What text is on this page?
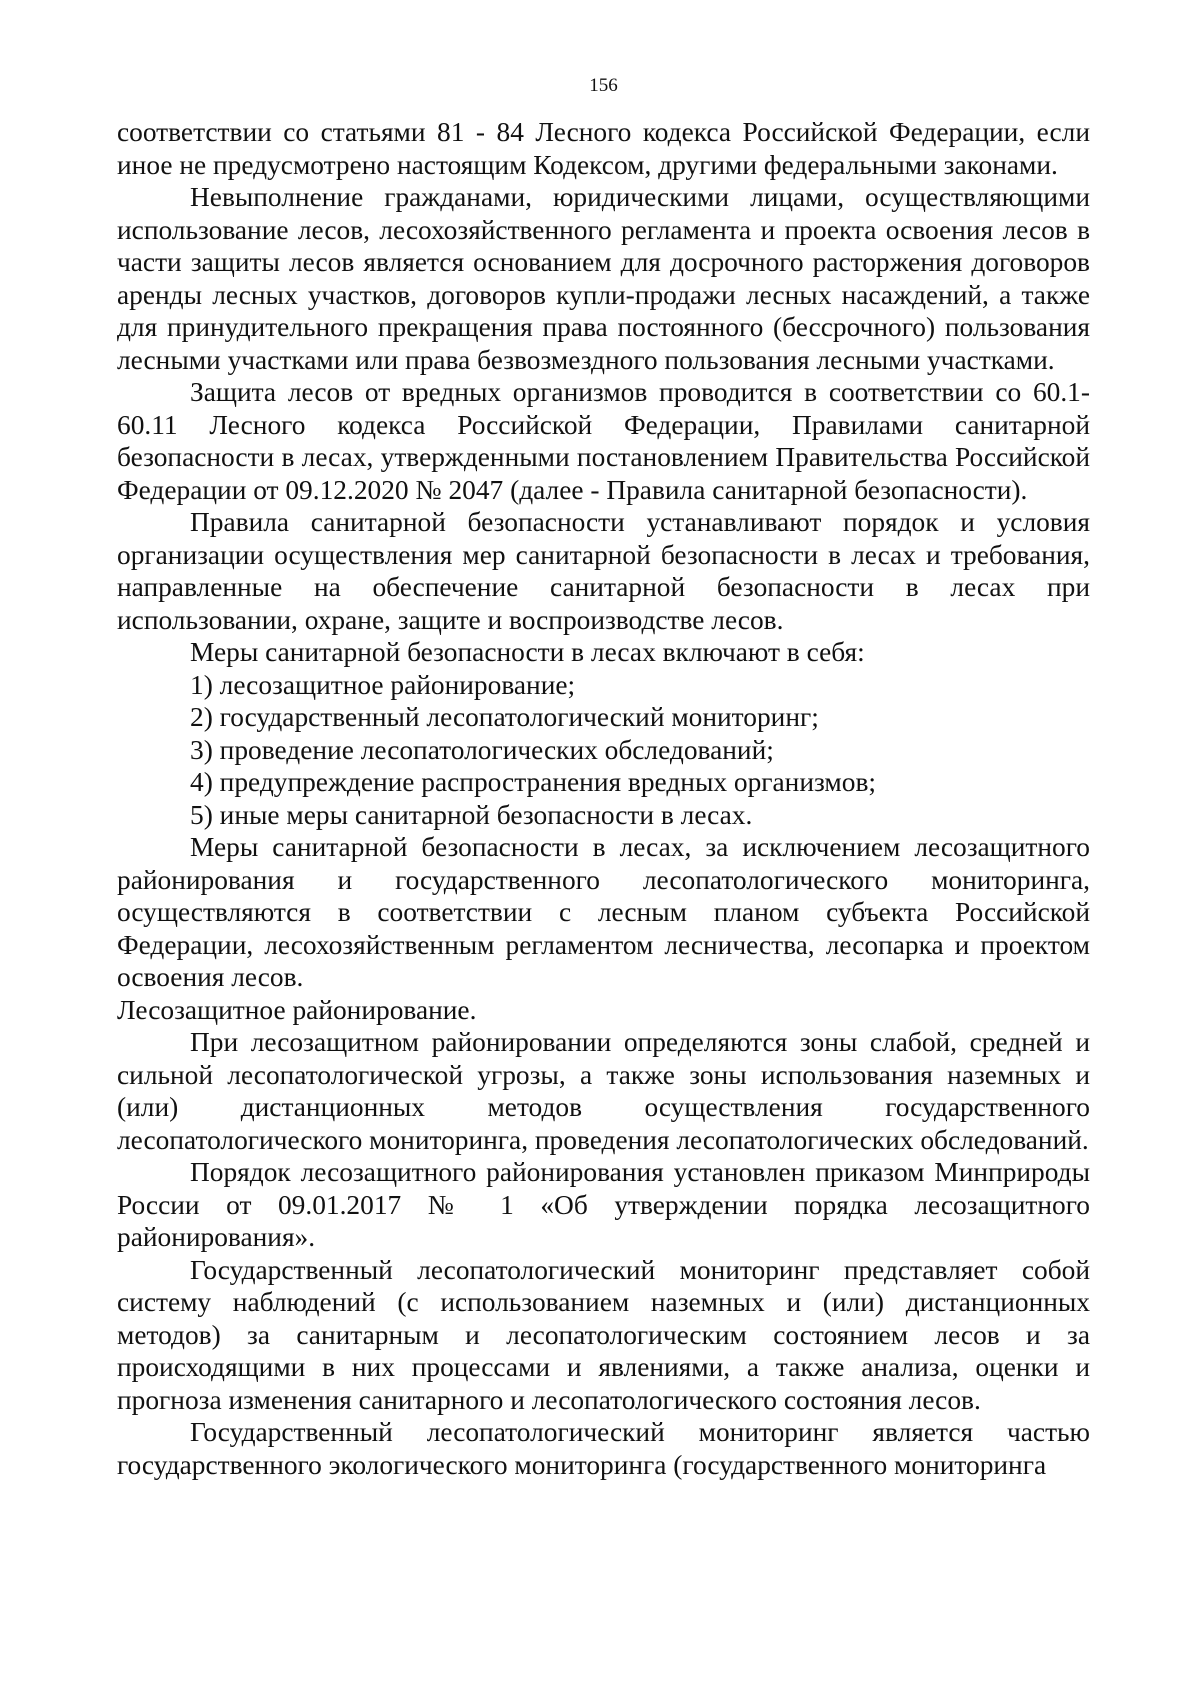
156

соответствии со статьями 81 - 84 Лесного кодекса Российской Федерации, если иное не предусмотрено настоящим Кодексом, другими федеральными законами.

Невыполнение гражданами, юридическими лицами, осуществляющими использование лесов, лесохозяйственного регламента и проекта освоения лесов в части защиты лесов является основанием для досрочного расторжения договоров аренды лесных участков, договоров купли-продажи лесных насаждений, а также для принудительного прекращения права постоянного (бессрочного) пользования лесными участками или права безвозмездного пользования лесными участками.

Защита лесов от вредных организмов проводится в соответствии со 60.1-60.11 Лесного кодекса Российской Федерации, Правилами санитарной безопасности в лесах, утвержденными постановлением Правительства Российской Федерации от 09.12.2020 № 2047 (далее - Правила санитарной безопасности).

Правила санитарной безопасности устанавливают порядок и условия организации осуществления мер санитарной безопасности в лесах и требования, направленные на обеспечение санитарной безопасности в лесах при использовании, охране, защите и воспроизводстве лесов.

Меры санитарной безопасности в лесах включают в себя:

1) лесозащитное районирование;

2) государственный лесопатологический мониторинг;

3) проведение лесопатологических обследований;

4) предупреждение распространения вредных организмов;

5) иные меры санитарной безопасности в лесах.

Меры санитарной безопасности в лесах, за исключением лесозащитного районирования и государственного лесопатологического мониторинга, осуществляются в соответствии с лесным планом субъекта Российской Федерации, лесохозяйственным регламентом лесничества, лесопарка и проектом освоения лесов.

Лесозащитное районирование.

При лесозащитном районировании определяются зоны слабой, средней и сильной лесопатологической угрозы, а также зоны использования наземных и (или) дистанционных методов осуществления государственного лесопатологического мониторинга, проведения лесопатологических обследований.

Порядок лесозащитного районирования установлен приказом Минприроды России от 09.01.2017 № 1 «Об утверждении порядка лесозащитного районирования».

Государственный лесопатологический мониторинг представляет собой систему наблюдений (с использованием наземных и (или) дистанционных методов) за санитарным и лесопатологическим состоянием лесов и за происходящими в них процессами и явлениями, а также анализа, оценки и прогноза изменения санитарного и лесопатологического состояния лесов.

Государственный лесопатологический мониторинг является частью государственного экологического мониторинга (государственного мониторинга
